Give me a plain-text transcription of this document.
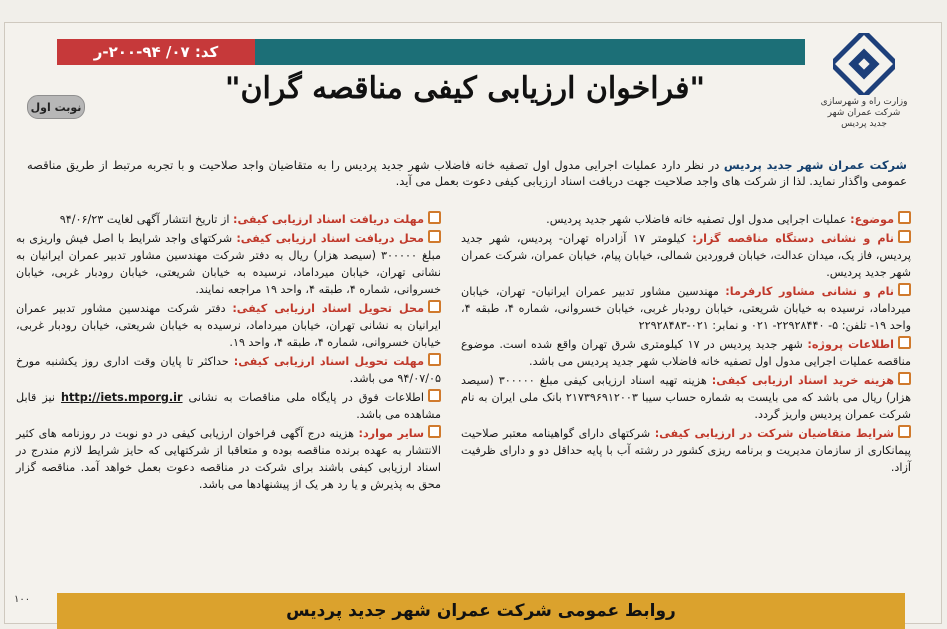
کد: ۰۷/ ۹۴-۲۰۰-ر
وزارت راه و شهرسازی
شرکت عمران شهر جدید پردیس
"فراخوان ارزیابی کیفی مناقصه گران"
نوبت اول
شرکت عمران شهر جدید پردیس در نظر دارد عملیات اجرایی مدول اول تصفیه خانه فاضلاب شهر جدید پردیس را به متقاضیان واجد صلاحیت و با تجربه مرتبط از طریق مناقصه عمومی واگذار نماید. لذا از شرکت های واجد صلاحیت جهت دریافت اسناد ارزیابی کیفی دعوت بعمل می آید.
موضوع: عملیات اجرایی مدول اول تصفیه خانه فاضلاب شهر جدید پردیس.
نام و نشانی دستگاه مناقصه گزار: کیلومتر ۱۷ آزادراه تهران- پردیس، شهر جدید پردیس، فاز یک، میدان عدالت، خیابان فروردین شمالی، خیابان پیام، خیابان عمران، شرکت عمران شهر جدید پردیس.
نام و نشانی مشاور کارفرما: مهندسین مشاور تدبیر عمران ایرانیان- تهران، خیابان میرداماد، نرسیده به خیابان شریعتی، خیابان رودبار غربی، خیابان خسروانی، شماره ۴، طبقه ۴، واحد ۱۹- تلفن: ۵- ۲۲۹۲۸۴۴۰- ۰۲۱ و نمابر: ۰۲۱-۲۲۹۲۸۴۸۳
اطلاعات پروژه: شهر جدید پردیس در ۱۷ کیلومتری شرق تهران واقع شده است. موضوع مناقصه عملیات اجرایی مدول اول تصفیه خانه فاضلاب شهر جدید پردیس می باشد.
هزینه خرید اسناد ارزیابی کیفی: هزینه تهیه اسناد ارزیابی کیفی مبلغ ۳۰۰۰۰۰ (سیصد هزار) ریال می باشد که می بایست به شماره حساب سیبا ۲۱۷۳۹۶۹۱۲۰۰۳ بانک ملی ایران به نام شرکت عمران پردیس واریز گردد.
شرایط متقاضیان شرکت در ارزیابی کیفی: شرکتهای دارای گواهینامه معتبر صلاحیت پیمانکاری از سازمان مدیریت و برنامه ریزی کشور در رشته آب با پایه حداقل دو و دارای ظرفیت آزاد.
مهلت دریافت اسناد ارزیابی کیفی: از تاریخ انتشار آگهی لغایت ۹۴/۰۶/۲۳
محل دریافت اسناد ارزیابی کیفی: شرکتهای واجد شرایط با اصل فیش واریزی به مبلغ ۳۰۰۰۰۰ (سیصد هزار) ریال به دفتر شرکت مهندسین مشاور تدبیر عمران ایرانیان به نشانی تهران، خیابان میرداماد، نرسیده به خیابان شریعتی، خیابان رودبار غربی، خیابان خسروانی، شماره ۴، طبقه ۴، واحد ۱۹ مراجعه نمایند.
محل تحویل اسناد ارزیابی کیفی: دفتر شرکت مهندسین مشاور تدبیر عمران ایرانیان به نشانی تهران، خیابان میرداماد، نرسیده به خیابان شریعتی، خیابان رودبار غربی، خیابان خسروانی، شماره ۴، طبقه ۴، واحد ۱۹.
مهلت تحویل اسناد ارزیابی کیفی: حداکثر تا پایان وقت اداری روز یکشنبه مورخ ۹۴/۰۷/۰۵ می باشد.
اطلاعات فوق در پایگاه ملی مناقصات به نشانی http://iets.mporg.ir نیز قابل مشاهده می باشد.
سایر موارد: هزینه درج آگهی فراخوان ارزیابی کیفی در دو نوبت در روزنامه های کثیر الانتشار به عهده برنده مناقصه بوده و متعاقبا از شرکتهایی که حایز شرایط لازم مندرج در اسناد ارزیابی کیفی باشند برای شرکت در مناقصه دعوت بعمل خواهد آمد. مناقصه گزار محق به پذیرش و یا رد هر یک از پیشنهادها می باشد.
روابط عمومی شرکت عمران شهر جدید پردیس
۱۰۰
